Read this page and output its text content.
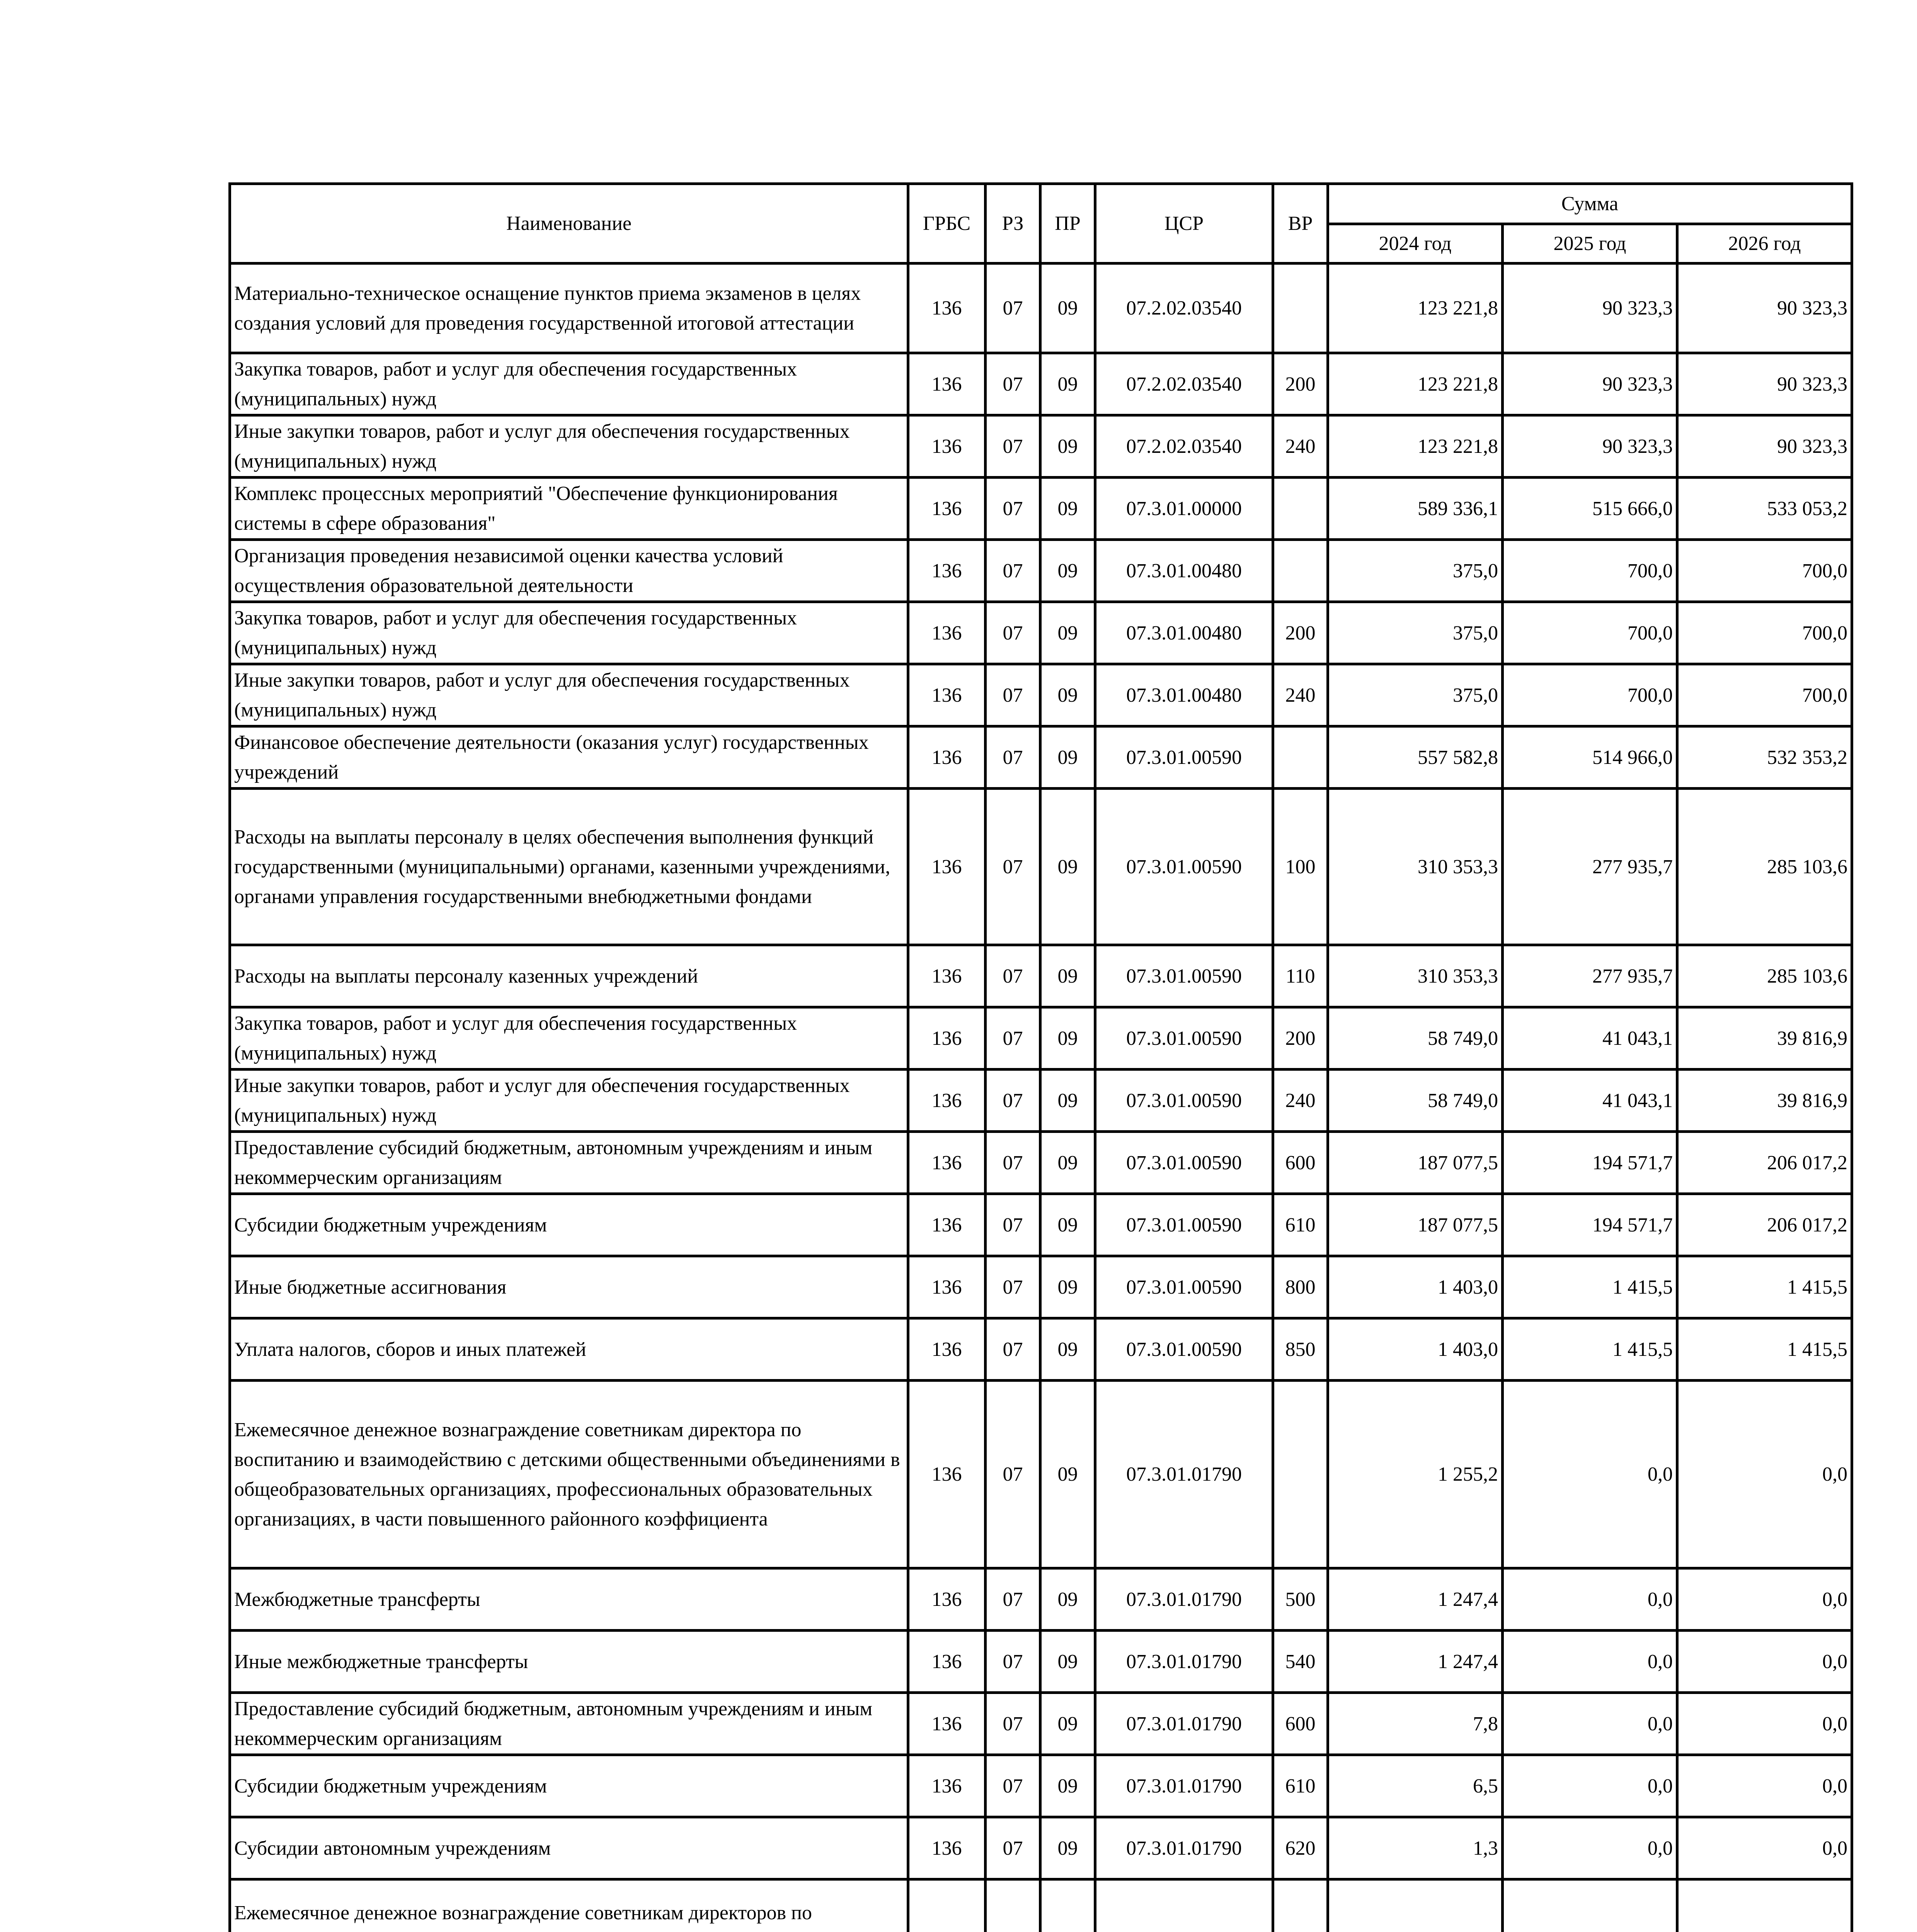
Наименование	ГРБС	РЗ	ПР	ЦСР	ВР	Сумма		
						2024 год	2025 год	2026 год
Материально-техническое оснащение пунктов приема экзаменов в целях создания условий для проведения государственной итоговой аттестации	136	07	09	07.2.02.03540		123 221,8	90 323,3	90 323,3
Закупка товаров, работ и услуг для обеспечения государственных (муниципальных) нужд	136	07	09	07.2.02.03540	200	123 221,8	90 323,3	90 323,3
Иные закупки товаров, работ и услуг для обеспечения государственных (муниципальных) нужд	136	07	09	07.2.02.03540	240	123 221,8	90 323,3	90 323,3
Комплекс процессных мероприятий "Обеспечение функционирования системы в сфере образования"	136	07	09	07.3.01.00000		589 336,1	515 666,0	533 053,2
Организация проведения независимой оценки качества условий осуществления образовательной деятельности	136	07	09	07.3.01.00480		375,0	700,0	700,0
Закупка товаров, работ и услуг для обеспечения государственных (муниципальных) нужд	136	07	09	07.3.01.00480	200	375,0	700,0	700,0
Иные закупки товаров, работ и услуг для обеспечения государственных (муниципальных) нужд	136	07	09	07.3.01.00480	240	375,0	700,0	700,0
Финансовое обеспечение деятельности (оказания услуг) государственных учреждений	136	07	09	07.3.01.00590		557 582,8	514 966,0	532 353,2
Расходы на выплаты персоналу в целях обеспечения выполнения функций государственными (муниципальными) органами, казенными учреждениями, органами управления государственными внебюджетными фондами	136	07	09	07.3.01.00590	100	310 353,3	277 935,7	285 103,6
Расходы на выплаты персоналу казенных учреждений	136	07	09	07.3.01.00590	110	310 353,3	277 935,7	285 103,6
Закупка товаров, работ и услуг для обеспечения государственных (муниципальных) нужд	136	07	09	07.3.01.00590	200	58 749,0	41 043,1	39 816,9
Иные закупки товаров, работ и услуг для обеспечения государственных (муниципальных) нужд	136	07	09	07.3.01.00590	240	58 749,0	41 043,1	39 816,9
Предоставление субсидий бюджетным, автономным учреждениям и иным некоммерческим организациям	136	07	09	07.3.01.00590	600	187 077,5	194 571,7	206 017,2
Субсидии бюджетным учреждениям	136	07	09	07.3.01.00590	610	187 077,5	194 571,7	206 017,2
Иные бюджетные ассигнования	136	07	09	07.3.01.00590	800	1 403,0	1 415,5	1 415,5
Уплата налогов, сборов и иных платежей	136	07	09	07.3.01.00590	850	1 403,0	1 415,5	1 415,5
Ежемесячное денежное вознаграждение советникам директора по воспитанию и взаимодействию с детскими общественными объединениями в общеобразовательных организациях, профессиональных образовательных организациях, в части повышенного районного коэффициента	136	07	09	07.3.01.01790		1 255,2	0,0	0,0
Межбюджетные трансферты	136	07	09	07.3.01.01790	500	1 247,4	0,0	0,0
Иные межбюджетные трансферты	136	07	09	07.3.01.01790	540	1 247,4	0,0	0,0
Предоставление субсидий бюджетным, автономным учреждениям и иным некоммерческим организациям	136	07	09	07.3.01.01790	600	7,8	0,0	0,0
Субсидии бюджетным учреждениям	136	07	09	07.3.01.01790	610	6,5	0,0	0,0
Субсидии автономным учреждениям	136	07	09	07.3.01.01790	620	1,3	0,0	0,0
Ежемесячное денежное вознаграждение советникам директоров по								
